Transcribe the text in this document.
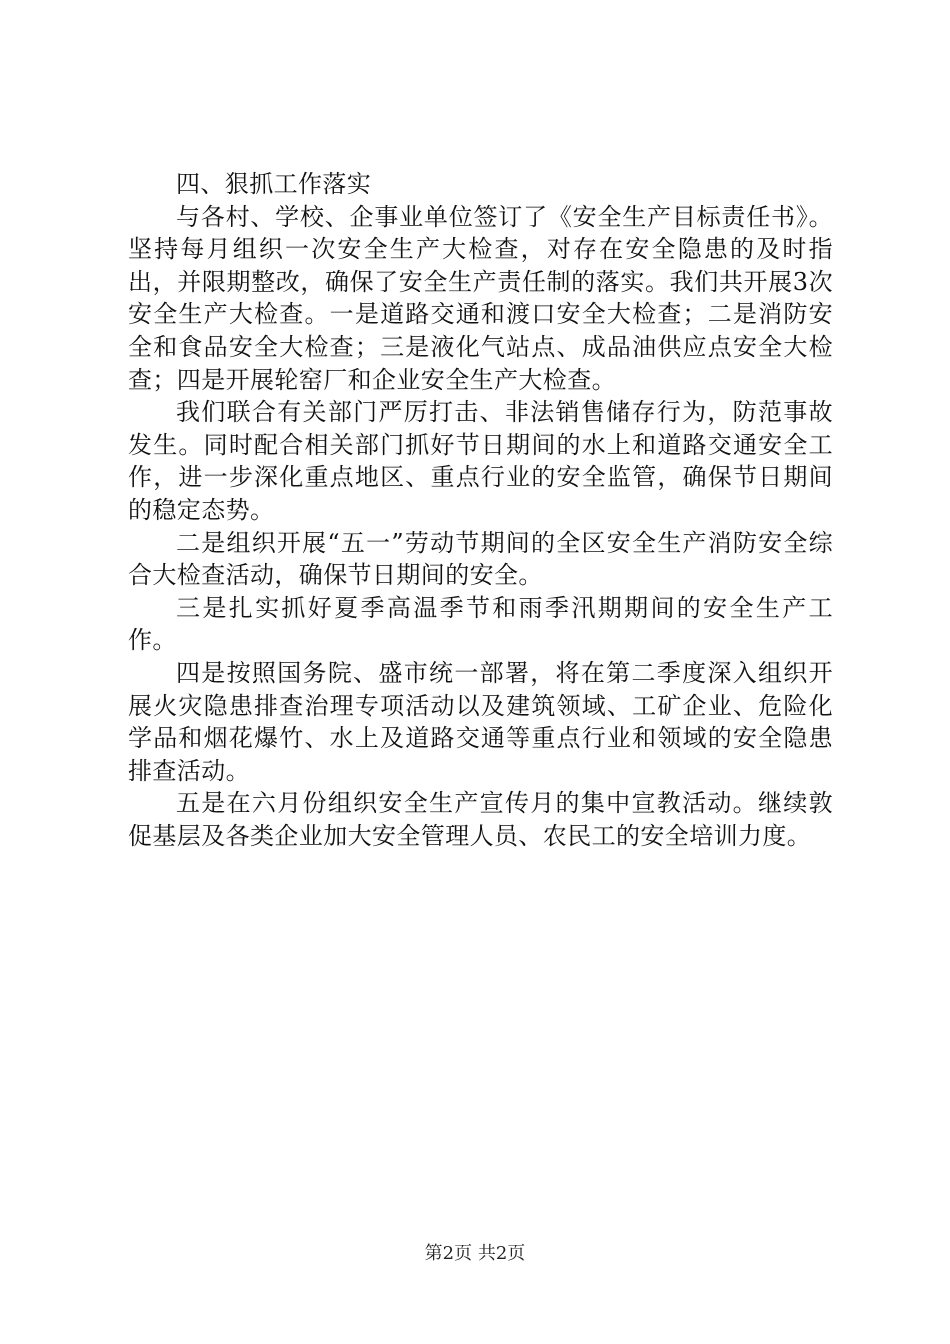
四、狠抓工作落实

与各村、学校、企事业单位签订了《安全生产目标责任书》。坚持每月组织一次安全生产大检查，对存在安全隐患的及时指出，并限期整改，确保了安全生产责任制的落实。我们共开展3次安全生产大检查。一是道路交通和渡口安全大检查；二是消防安全和食品安全大检查；三是液化气站点、成品油供应点安全大检查；四是开展轮窑厂和企业安全生产大检查。

我们联合有关部门严厉打击、非法销售储存行为，防范事故发生。同时配合相关部门抓好节日期间的水上和道路交通安全工作，进一步深化重点地区、重点行业的安全监管，确保节日期间的稳定态势。

二是组织开展“五一”劳动节期间的全区安全生产消防安全综合大检查活动，确保节日期间的安全。

三是扎实抓好夏季高温季节和雨季汛期期间的安全生产工作。

四是按照国务院、盛市统一部署，将在第二季度深入组织开展火灾隐患排查治理专项活动以及建筑领域、工矿企业、危险化学品和烟花爆竹、水上及道路交通等重点行业和领域的安全隐患排查活动。

五是在六月份组织安全生产宣传月的集中宣教活动。继续敦促基层及各类企业加大安全管理人员、农民工的安全培训力度。

第2页 共2页
